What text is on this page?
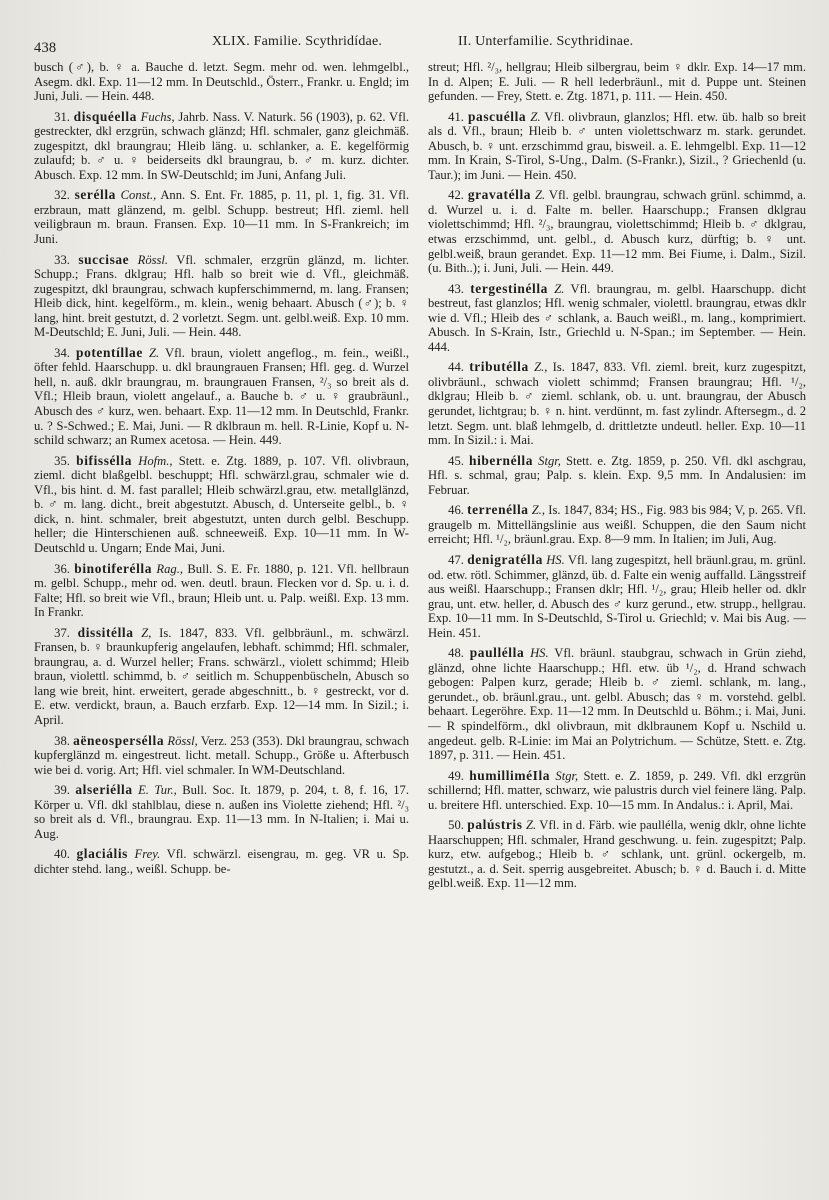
438	XLIX. Familie. Scythridídae.	II. Unterfamilie. Scythridinae.

busch (♂), b. ♀ a. Bauche d. letzt. Segm. mehr od. wen. lehmgelbl., Asegm. dkl. Exp. 11—12 mm. In Deutschld., Österr., Frankr. u. Engld; im Juni, Juli. — Hein. 448.

31. disquéella Fuchs, Jahrb. Nass. V. Naturk. 56 (1903), p. 62. Vfl. gestreckter, dkl erzgrün, schwach glänzd; Hfl. schmaler, ganz gleichmäß. zugespitzt, dkl braungrau; Hleib läng. u. schlanker, a. E. kegelförmig zulaufd; b. ♂ u. ♀ beiderseits dkl braungrau, b. ♂ m. kurz. dichter. Abusch. Exp. 12 mm. In SW-Deutschld; im Juni, Anfang Juli.

32. serélla Const., Ann. S. Ent. Fr. 1885, p. 11, pl. 1, fig. 31. Vfl. erzbraun, matt glänzend, m. gelbl. Schupp. bestreut; Hfl. zieml. hell veiligbraun m. braun. Fransen. Exp. 10—11 mm. In S-Frankreich; im Juni.

33. succisae Rössl. Vfl. schmaler, erzgrün glänzd, m. lichter. Schupp.; Frans. dklgrau; Hfl. halb so breit wie d. Vfl., gleichmäß. zugespitzt, dkl braungrau, schwach kupferschimmernd, m. lang. Fransen; Hleib dick, hint. kegelförm., m. klein., wenig behaart. Abusch (♂); b. ♀ lang, hint. breit gestutzt, d. 2 vorletzt. Segm. unt. gelbl.weiß. Exp. 10 mm. M-Deutschld; E. Juni, Juli. — Hein. 448.

34. potentíllae Z. Vfl. braun, violett angeflog., m. fein., weißl., öfter fehld. Haarschupp. u. dkl braungrauen Fransen; Hfl. geg. d. Wurzel hell, n. auß. dklr braungrau, m. braungrauen Fransen, ²/₃ so breit als d. Vfl.; Hleib braun, violett angelauf., a. Bauche b. ♂ u. ♀ graubräunl., Abusch des ♂ kurz, wen. behaart. Exp. 11—12 mm. In Deutschld, Frankr. u. ? S-Schwed.; E. Mai, Juni. — R dklbraun m. hell. R-Linie, Kopf u. N-schild schwarz; an Rumex acetosa. — Hein. 449.

35. bifissélla Hofm., Stett. e. Ztg. 1889, p. 107. Vfl. olivbraun, zieml. dicht blaßgelbl. beschuppt; Hfl. schwärzl.grau, schmaler wie d. Vfl., bis hint. d. M. fast parallel; Hleib schwärzl.grau, etw. metallglänzd, b. ♂ m. lang. dicht., breit abgestutzt. Abusch, d. Unterseite gelbl., b. ♀ dick, n. hint. schmaler, breit abgestutzt, unten durch gelbl. Beschupp. heller; die Hinterschienen auß. schneeweiß. Exp. 10—11 mm. In W-Deutschld u. Ungarn; Ende Mai, Juni.

36. binotiferélla Rag., Bull. S. E. Fr. 1880, p. 121. Vfl. hellbraun m. gelbl. Schupp., mehr od. wen. deutl. braun. Flecken vor d. Sp. u. i. d. Falte; Hfl. so breit wie Vfl., braun; Hleib unt. u. Palp. weißl. Exp. 13 mm. In Frankr.

37. dissitélla Z, Is. 1847, 833. Vfl. gelbbräunl., m. schwärzl. Fransen, b. ♀ braunkupferig angelaufen, lebhaft. schimmd; Hfl. schmaler, braungrau, a. d. Wurzel heller; Frans. schwärzl., violett schimmd; Hleib braun, violettl. schimmd, b. ♂ seitlich m. Schuppenbüscheln, Abusch so lang wie breit, hint. erweitert, gerade abgeschnitt., b. ♀ gestreckt, vor d. E. etw. verdickt, braun, a. Bauch erzfarb. Exp. 12—14 mm. In Sizil.; i. April.

38. aëneospersélla Rössl, Verz. 253 (353). Dkl braungrau, schwach kupferglänzd m. eingestreut. licht. metall. Schupp., Größe u. Afterbusch wie bei d. vorig. Art; Hfl. viel schmaler. In WM-Deutschland.

39. alseriélla E. Tur., Bull. Soc. It. 1879, p. 204, t. 8, f. 16, 17. Körper u. Vfl. dkl stahlblau, diese n. außen ins Violette ziehend; Hfl. ²/₃ so breit als d. Vfl., braungrau. Exp. 11—13 mm. In N-Italien; i. Mai u. Aug.

40. glaciális Frey. Vfl. schwärzl. eisengrau, m. geg. VR u. Sp. dichter stehd. lang., weißl. Schupp. be-

streut; Hfl. ²/₃, hellgrau; Hleib silbergrau, beim ♀ dklr. Exp. 14—17 mm. In d. Alpen; E. Juli. — R hell lederbräunl., mit d. Puppe unt. Steinen gefunden. — Frey, Stett. e. Ztg. 1871, p. 111. — Hein. 450.

41. pascuélla Z. Vfl. olivbraun, glanzlos; Hfl. etw. üb. halb so breit als d. Vfl., braun; Hleib b. ♂ unten violettschwarz m. stark. gerundet. Abusch, b. ♀ unt. erzschimmd grau, bisweil. a. E. lehmgelbl. Exp. 11—12 mm. In Krain, S-Tirol, S-Ung., Dalm. (S-Frankr.), Sizil., ? Griechenld (u. Taur.); im Juni. — Hein. 450.

42. gravatélla Z. Vfl. gelbl. braungrau, schwach grünl. schimmd, a. d. Wurzel u. i. d. Falte m. beller. Haarschupp.; Fransen dklgrau violettschimmd; Hfl. ²/₃, braungrau, violettschimmd; Hleib b. ♂ dklgrau, etwas erzschimmd, unt. gelbl., d. Abusch kurz, dürftig; b. ♀ unt. gelbl.weiß, braun gerandet. Exp. 11—12 mm. Bei Fiume, i. Dalm., Sizil. (u. Bith..); i. Juni, Juli. — Hein. 449.

43. tergestinélla Z. Vfl. braungrau, m. gelbl. Haarschupp. dicht bestreut, fast glanzlos; Hfl. wenig schmaler, violettl. braungrau, etwas dklr wie d. Vfl.; Hleib des ♂ schlank, a. Bauch weißl., m. lang., komprimiert. Abusch. In S-Krain, Istr., Griechld u. N-Span.; im September. — Hein. 444.

44. tributélla Z., Is. 1847, 833. Vfl. zieml. breit, kurz zugespitzt, olivbräunl., schwach violett schimmd; Fransen braungrau; Hfl. ¹/₂, dklgrau; Hleib b. ♂ zieml. schlank, ob. u. unt. braungrau, der Abusch gerundet, lichtgrau; b. ♀ n. hint. verdünnt, m. fast zylindr. Aftersegm., d. 2 letzt. Segm. unt. blaß lehmgelb, d. drittletzte undeutl. heller. Exp. 10—11 mm. In Sizil.: i. Mai.

45. hibernélla Stgr, Stett. e. Ztg. 1859, p. 250. Vfl. dkl aschgrau, Hfl. s. schmal, grau; Palp. s. klein. Exp. 9,5 mm. In Andalusien: im Februar.

46. terrenélla Z., Is. 1847, 834; HS., Fig. 983 bis 984; V, p. 265. Vfl. graugelb m. Mittellängslinie aus weißl. Schuppen, die den Saum nicht erreicht; Hfl. ¹/₂, bräunl.grau. Exp. 8—9 mm. In Italien; im Juli, Aug.

47. denigratélla HS. Vfl. lang zugespitzt, hell bräunl.grau, m. grünl. od. etw. rötl. Schimmer, glänzd, üb. d. Falte ein wenig auffalld. Längsstreif aus weißl. Haarschupp.; Fransen dklr; Hfl. ¹/₂, grau; Hleib heller od. dklr grau, unt. etw. heller, d. Abusch des ♂ kurz gerund., etw. strupp., hellgrau. Exp. 10—11 mm. In S-Deutschld, S-Tirol u. Griechld; v. Mai bis Aug. — Hein. 451.

48. paullélla HS. Vfl. bräunl. staubgrau, schwach in Grün ziehd, glänzd, ohne lichte Haarschupp.; Hfl. etw. üb ¹/₂, d. Hrand schwach gebogen: Palpen kurz, gerade; Hleib b. ♂ zieml. schlank, m. lang., gerundet., ob. bräunl.grau., unt. gelbl. Abusch; das ♀ m. vorstehd. gelbl. behaart. Legeröhre. Exp. 11—12 mm. In Deutschld u. Böhm.; i. Mai, Juni. — R spindelförm., dkl olivbraun, mit dklbraunem Kopf u. Nschild u. angedeut. gelb. R-Linie: im Mai an Polytrichum. — Schütze, Stett. e. Ztg. 1897, p. 311. — Hein. 451.

49. humilliméIla Stgr, Stett. e. Z. 1859, p. 249. Vfl. dkl erzgrün schillernd; Hfl. matter, schwarz, wie palustris durch viel feinere läng. Palp. u. breitere Hfl. unterschied. Exp. 10—15 mm. In Andalus.: i. April, Mai.

50. palústris Z. Vfl. in d. Färb. wie paullélla, wenig dklr, ohne lichte Haarschuppen; Hfl. schmaler, Hrand geschwung. u. fein. zugespitzt; Palp. kurz, etw. aufgebog.; Hleib b. ♂ schlank, unt. grünl. ockergelb, m. gestutzt., a. d. Seit. sperrig ausgebreitet. Abusch; b. ♀ d. Bauch i. d. Mitte gelbl.weiß. Exp. 11—12 mm.
